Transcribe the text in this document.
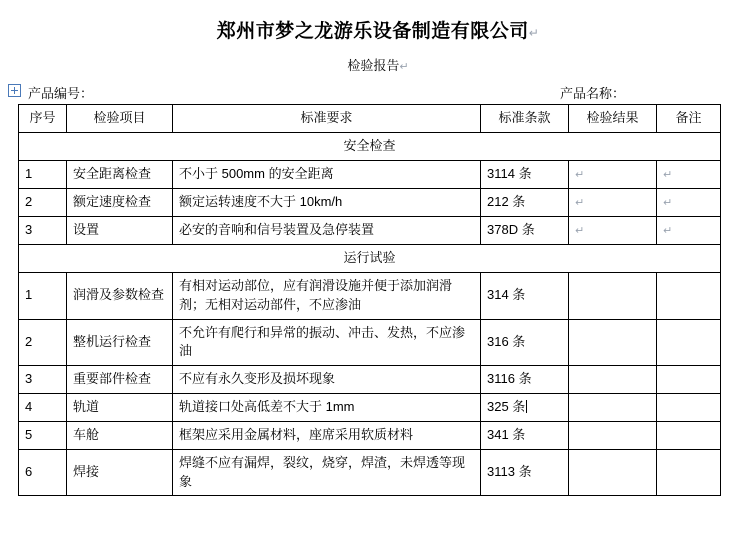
郑州市梦之龙游乐设备制造有限公司↵
检验报告↵
产品编号：	产品名称：
序号	检验项目	标准要求	标准条款	检验结果	备注
安全检查					
1	安全距离检查	不小于 500mm 的安全距离	3114 条	↵	↵
2	额定速度检查	额定运转速度不大于 10km/h	212 条	↵	↵
3	设置	必安的音响和信号装置及急停装置	378D 条	↵	↵
运行试验					
1	润滑及参数检查	有相对运动部位，应有润滑设施并便于添加润滑剂；无相对运动部件，不应渗油	314 条		
2	整机运行检查	不允许有爬行和异常的振动、冲击、发热，不应渗油	316 条		
3	重要部件检查	不应有永久变形及损坏现象	3116 条		
4	轨道	轨道接口处高低差不大于 1mm	325 条		
5	车舱	框架应采用金属材料，座席采用软质材料	341 条		
6	焊接	焊缝不应有漏焊，裂纹，烧穿，焊渣，未焊透等现象	3113 条		
